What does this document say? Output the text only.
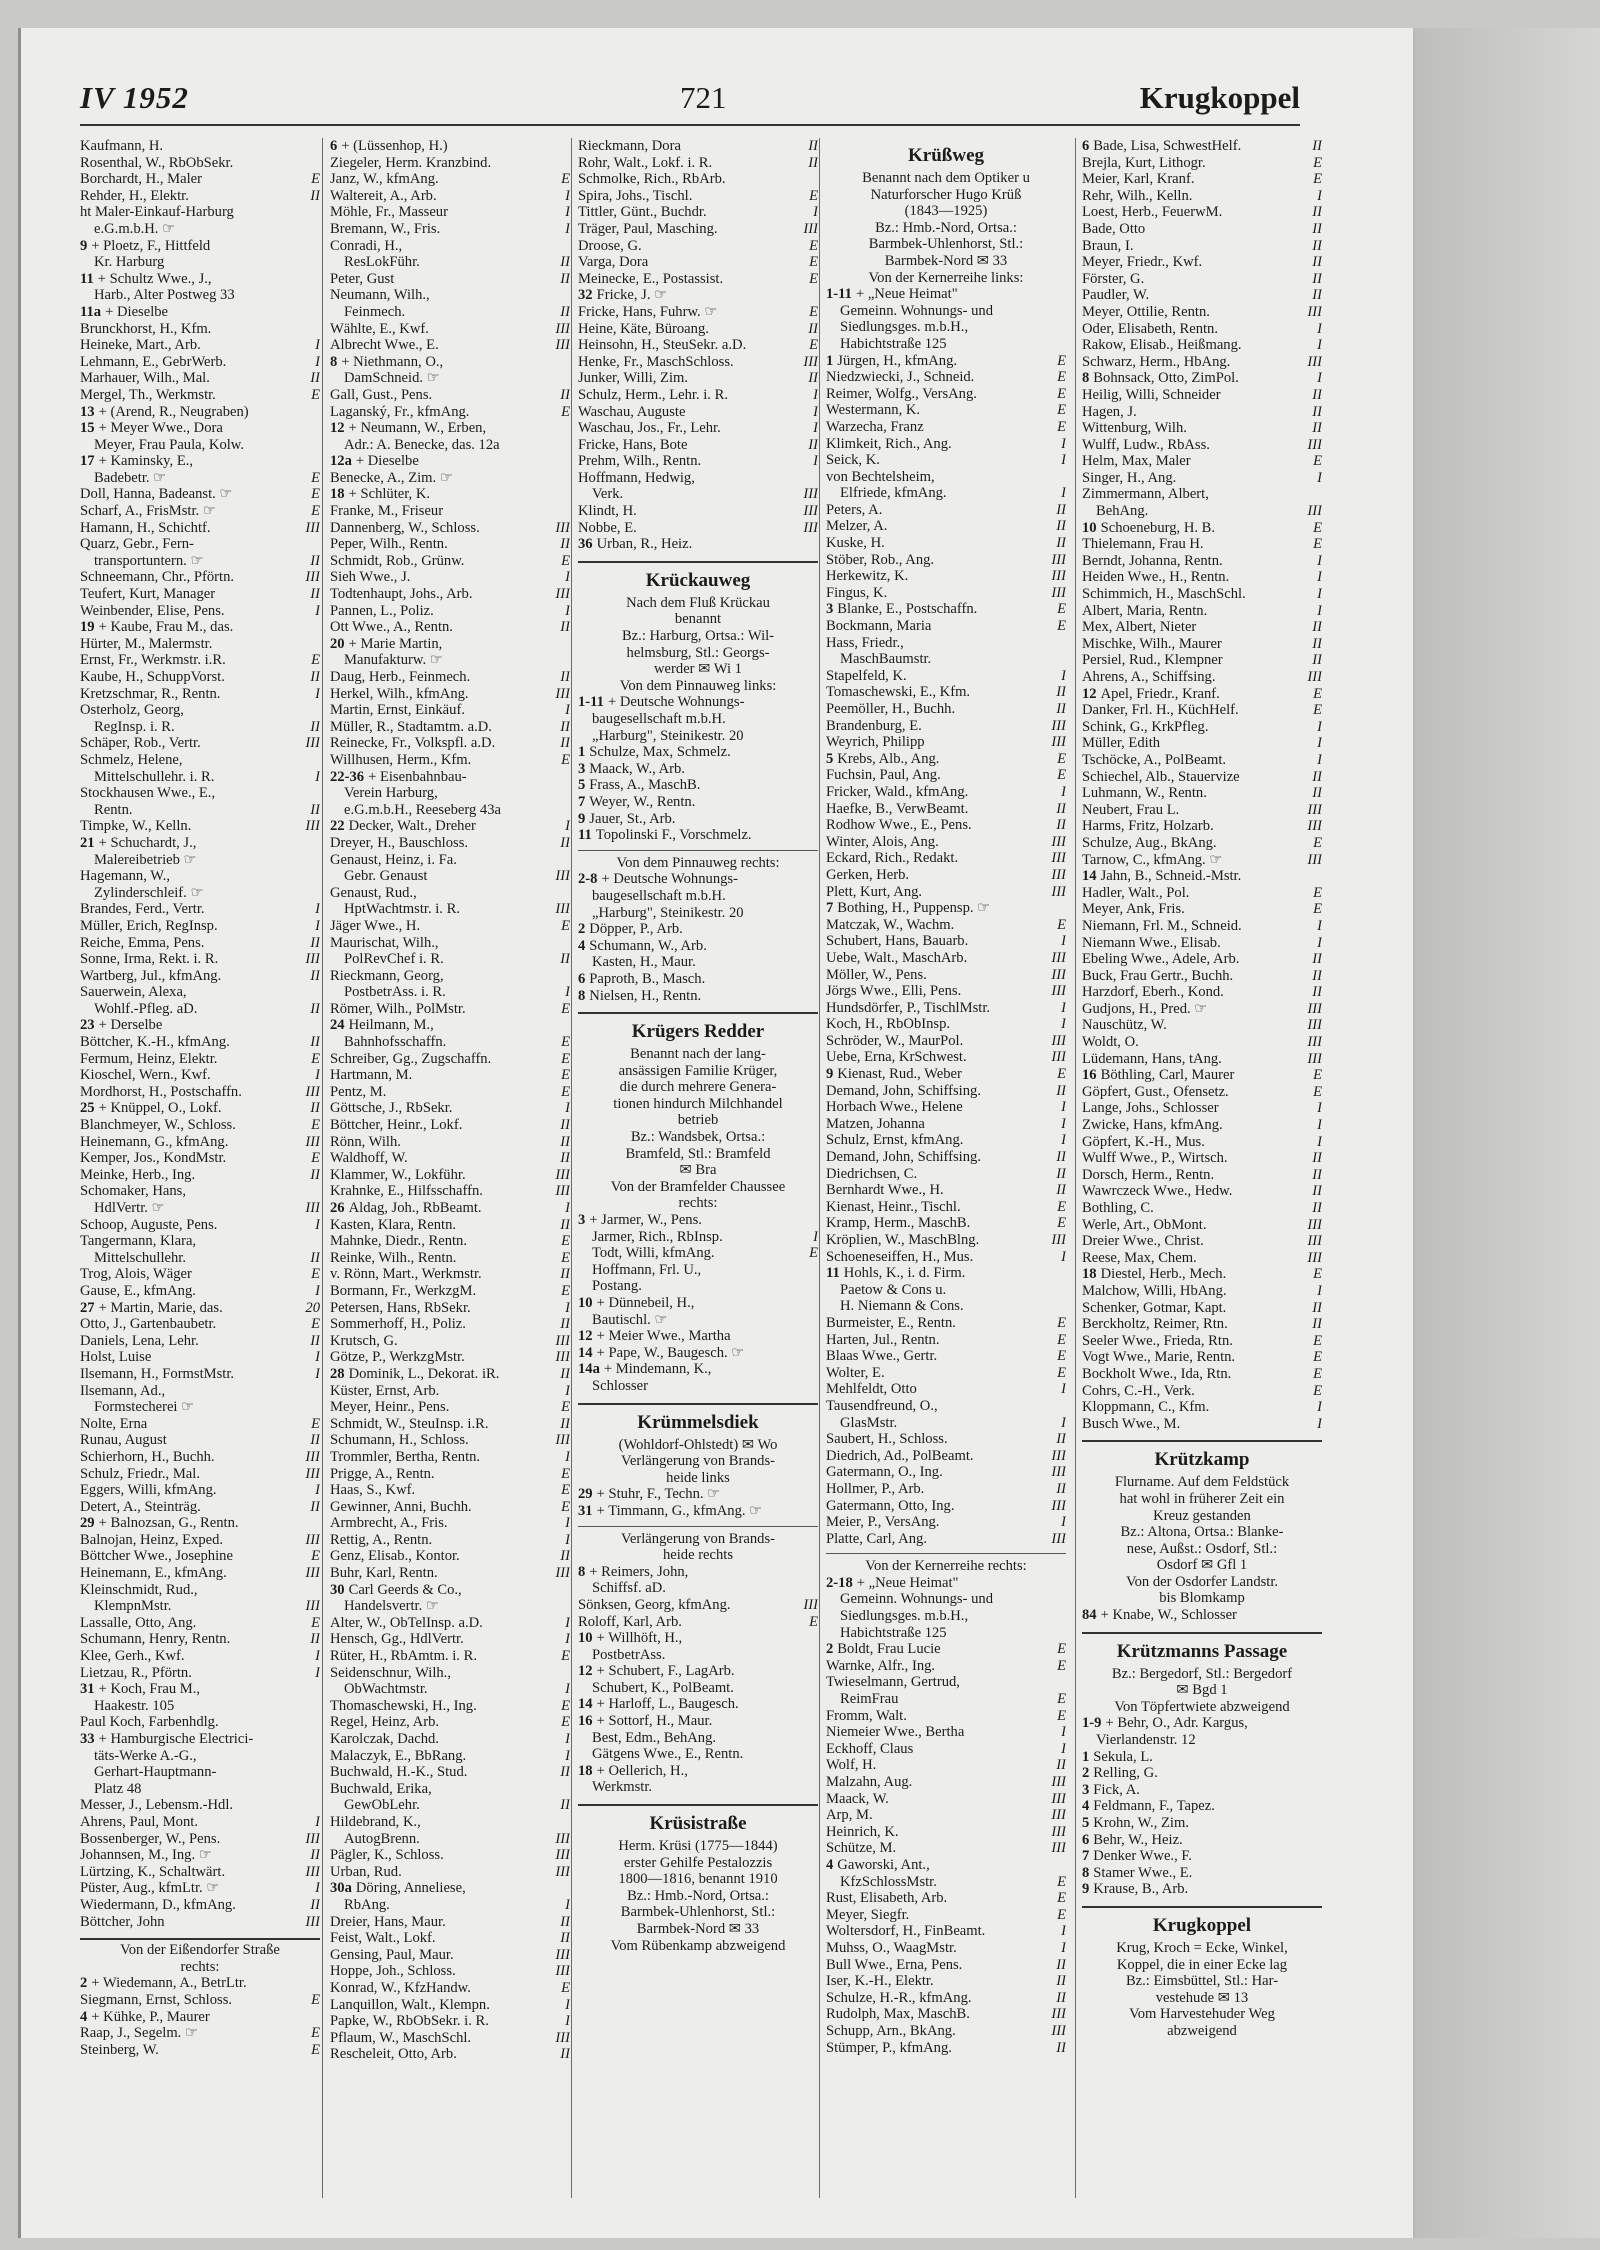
IV 1952	721	Krugkoppel
Kaufmann, H.
Rosenthal, W., RbObSekr.
Borchardt, H., Maler	E
Rehder, H., Elektr.	II
ht Maler-Einkauf-Harburg
e.G.m.b.H. ☞
9 + Ploetz, F., Hittfeld
Kr. Harburg
11 + Schultz Wwe., J.,
Harb., Alter Postweg 33
11a + Dieselbe
Brunckhorst, H., Kfm.
Heineke, Mart., Arb.	I
Lehmann, E., GebrWerb.	I
Marhauer, Wilh., Mal.	II
Mergel, Th., Werkmstr.	E
13 + (Arend, R., Neugraben)
15 + Meyer Wwe., Dora
Meyer, Frau Paula, Kolw.
17 + Kaminsky, E.,
Badebetr. ☞	E
Doll, Hanna, Badeanst. ☞	E
Scharf, A., FrisMstr. ☞	E
Hamann, H., Schichtf.	III
Quarz, Gebr., Fern-
transportuntern. ☞	II
Schneemann, Chr., Pförtn.	III
Teufert, Kurt, Manager	II
Weinbender, Elise, Pens.	I
19 + Kaube, Frau M., das.
Hürter, M., Malermstr.
Ernst, Fr., Werkmstr. i.R.	E
Kaube, H., SchuppVorst.	II
Kretzschmar, R., Rentn.	I
Osterholz, Georg,
RegInsp. i. R.	II
Schäper, Rob., Vertr.	III
Schmelz, Helene,
Mittelschullehr. i. R.	I
Stockhausen Wwe., E.,
Rentn.	II
Timpke, W., Kelln.	III
21 + Schuchardt, J.,
Malereibetrieb ☞
Hagemann, W.,
Zylinderschleif. ☞
Brandes, Ferd., Vertr.	I
Müller, Erich, RegInsp.	I
Reiche, Emma, Pens.	II
Sonne, Irma, Rekt. i. R.	III
Wartberg, Jul., kfmAng.	II
Sauerwein, Alexa,
Wohlf.-Pfleg. aD.	II
23 + Derselbe
Böttcher, K.-H., kfmAng.	II
Fermum, Heinz, Elektr.	E
Kioschel, Wern., Kwf.	I
Mordhorst, H., Postschaffn.	III
25 + Knüppel, O., Lokf.	II
Blanchmeyer, W., Schloss.	E
Heinemann, G., kfmAng.	III
Kemper, Jos., KondMstr.	E
Meinke, Herb., Ing.	II
Schomaker, Hans,
HdlVertr. ☞	III
Schoop, Auguste, Pens.	I
Tangermann, Klara,
Mittelschullehr.	II
Trog, Alois, Wäger	E
Gause, E., kfmAng.	I
27 + Martin, Marie, das.	20
Otto, J., Gartenbaubetr.	E
Daniels, Lena, Lehr.	II
Holst, Luise	I
Ilsemann, H., FormstMstr.	I
Ilsemann, Ad.,
Formstecherei ☞
Nolte, Erna	E
Runau, August	II
Schierhorn, H., Buchh.	III
Schulz, Friedr., Mal.	III
Eggers, Willi, kfmAng.	I
Detert, A., Steinträg.	II
29 + Balnozsan, G., Rentn.
Balnojan, Heinz, Exped.	III
Böttcher Wwe., Josephine	E
Heinemann, E., kfmAng.	III
Kleinschmidt, Rud.,
KlempnMstr.	III
Lassalle, Otto, Ang.	E
Schumann, Henry, Rentn.	II
Klee, Gerh., Kwf.	I
Lietzau, R., Pförtn.	I
31 + Koch, Frau M.,
Haakestr. 105
Paul Koch, Farbenhdlg.
33 + Hamburgische Electrici-
täts-Werke A.-G.,
Gerhart-Hauptmann-
Platz 48
Messer, J., Lebensm.-Hdl.
Ahrens, Paul, Mont.	I
Bossenberger, W., Pens.	III
Johannsen, M., Ing. ☞	II
Lürtzing, K., Schaltwärt.	III
Püster, Aug., kfmLtr. ☞	I
Wiedermann, D., kfmAng.	II
Böttcher, John	III
Von der Eißendorfer Straße
rechts:
2 + Wiedemann, A., BetrLtr.
Siegmann, Ernst, Schloss.	E
4 + Kühke, P., Maurer
Raap, J., Segelm. ☞	E
Steinberg, W.	E
6 + (Lüssenhop, H.)
Ziegeler, Herm. Kranzbind.
Janz, W., kfmAng.	E
Waltereit, A., Arb.	I
Möhle, Fr., Masseur	I
Bremann, W., Fris.	I
Conradi, H.,
ResLokFühr.	II
Peter, Gust	II
Neumann, Wilh.,
Feinmech.	II
Wählte, E., Kwf.	III
Albrecht Wwe., E.	III
8 + Niethmann, O.,
DamSchneid. ☞
Gall, Gust., Pens.	II
Laganský, Fr., kfmAng.	E
12 + Neumann, W., Erben,
Adr.: A. Benecke, das. 12a
12a + Dieselbe
Benecke, A., Zim. ☞
18 + Schlüter, K.
Franke, M., Friseur
Dannenberg, W., Schloss.	III
Peper, Wilh., Rentn.	II
Schmidt, Rob., Grünw.	E
Sieh Wwe., J.	I
Todtenhaupt, Johs., Arb.	III
Pannen, L., Poliz.	I
Ott Wwe., A., Rentn.	II
20 + Marie Martin,
Manufakturw. ☞
Daug, Herb., Feinmech.	II
Herkel, Wilh., kfmAng.	III
Martin, Ernst, Einkäuf.	I
Müller, R., Stadtamtm. a.D.	II
Reinecke, Fr., Volkspfl. a.D.	II
Willhusen, Herm., Kfm.	E
22-36 + Eisenbahnbau-
Verein Harburg,
e.G.m.b.H., Reeseberg 43a
22 Decker, Walt., Dreher	I
Dreyer, H., Bauschloss.	II
Genaust, Heinz, i. Fa.
Gebr. Genaust	III
Genaust, Rud.,
HptWachtmstr. i. R.	III
Jäger Wwe., H.	E
Maurischat, Wilh.,
PolRevChef i. R.	II
Rieckmann, Georg,
PostbetrAss. i. R.	I
Römer, Wilh., PolMstr.	E
24 Heilmann, M.,
Bahnhofsschaffn.	E
Schreiber, Gg., Zugschaffn.	E
Hartmann, M.	E
Pentz, M.	E
Göttsche, J., RbSekr.	I
Böttcher, Heinr., Lokf.	II
Rönn, Wilh.	II
Waldhoff, W.	II
Klammer, W., Lokführ.	III
Krahnke, E., Hilfsschaffn.	III
26 Aldag, Joh., RbBeamt.	I
Kasten, Klara, Rentn.	II
Mahnke, Diedr., Rentn.	E
Reinke, Wilh., Rentn.	E
v. Rönn, Mart., Werkmstr.	II
Bormann, Fr., WerkzgM.	E
Petersen, Hans, RbSekr.	I
Sommerhoff, H., Poliz.	II
Krutsch, G.	III
Götze, P., WerkzgMstr.	III
28 Dominik, L., Dekorat. iR.	II
Küster, Ernst, Arb.	I
Meyer, Heinr., Pens.	E
Schmidt, W., SteuInsp. i.R.	II
Schumann, H., Schloss.	III
Trommler, Bertha, Rentn.	I
Prigge, A., Rentn.	E
Haas, S., Kwf.	E
Gewinner, Anni, Buchh.	E
Armbrecht, A., Fris.	I
Rettig, A., Rentn.	I
Genz, Elisab., Kontor.	II
Buhr, Karl, Rentn.	III
30 Carl Geerds & Co.,
Handelsvertr. ☞
Alter, W., ObTelInsp. a.D.	I
Hensch, Gg., HdlVertr.	I
Rüter, H., RbAmtm. i. R.	E
Seidenschnur, Wilh.,
ObWachtmstr.	I
Thomaschewski, H., Ing.	E
Regel, Heinz, Arb.	E
Karolczak, Dachd.	I
Malaczyk, E., BbRang.	I
Buchwald, H.-K., Stud.	II
Buchwald, Erika,
GewObLehr.	II
Hildebrand, K.,
AutogBrenn.	III
Pägler, K., Schloss.	III
Urban, Rud.	III
30a Döring, Anneliese,
RbAng.	I
Dreier, Hans, Maur.	II
Feist, Walt., Lokf.	II
Gensing, Paul, Maur.	III
Hoppe, Joh., Schloss.	III
Konrad, W., KfzHandw.	E
Lanquillon, Walt., Klempn.	I
Papke, W., RbObSekr. i. R.	I
Pflaum, W., MaschSchl.	III
Rescheleit, Otto, Arb.	II
Rieckmann, Dora	II
Rohr, Walt., Lokf. i. R.	II
Schmolke, Rich., RbArb.
Spira, Johs., Tischl.	E
Tittler, Günt., Buchdr.	I
Träger, Paul, Masching.	III
Droose, G.	E
Varga, Dora	E
Meinecke, E., Postassist.	E
32 Fricke, J. ☞
Fricke, Hans, Fuhrw. ☞	E
Heine, Käte, Büroang.	II
Heinsohn, H., SteuSekr. a.D.	E
Henke, Fr., MaschSchloss.	III
Junker, Willi, Zim.	II
Schulz, Herm., Lehr. i. R.	I
Waschau, Auguste	I
Waschau, Jos., Fr., Lehr.	I
Fricke, Hans, Bote	II
Prehm, Wilh., Rentn.	I
Hoffmann, Hedwig,
Verk.	III
Klindt, H.	III
Nobbe, E.	III
36 Urban, R., Heiz.
Krückauweg
Nach dem Fluß Krückau
benannt
Bz.: Harburg, Ortsa.: Wil-
helmsburg, Stl.: Georgs-
werder ✉ Wi 1
Von dem Pinnauweg links:
1-11 + Deutsche Wohnungs-
baugesellschaft m.b.H.
„Harburg", Steinikestr. 20
1 Schulze, Max, Schmelz.
3 Maack, W., Arb.
5 Frass, A., MaschB.
7 Weyer, W., Rentn.
9 Jauer, St., Arb.
11 Topolinski F., Vorschmelz.
Von dem Pinnauweg rechts:
2-8 + Deutsche Wohnungs-
baugesellschaft m.b.H.
„Harburg", Steinikestr. 20
2 Döpper, P., Arb.
4 Schumann, W., Arb.
Kasten, H., Maur.
6 Paproth, B., Masch.
8 Nielsen, H., Rentn.
Krügers Redder
Benannt nach der lang-
ansässigen Familie Krüger,
die durch mehrere Genera-
tionen hindurch Milchhandel
betrieb
Bz.: Wandsbek, Ortsa.:
Bramfeld, Stl.: Bramfeld
✉ Bra
Von der Bramfelder Chaussee
rechts:
3 + Jarmer, W., Pens.
Jarmer, Rich., RbInsp.	I
Todt, Willi, kfmAng.	E
Hoffmann, Frl. U.,
Postang.
10 + Dünnebeil, H.,
Bautischl. ☞
12 + Meier Wwe., Martha
14 + Pape, W., Baugesch. ☞
14a + Mindemann, K.,
Schlosser
Krümmelsdiek
(Wohldorf-Ohlstedt) ✉ Wo
Verlängerung von Brands-
heide links
29 + Stuhr, F., Techn. ☞
31 + Timmann, G., kfmAng. ☞
Verlängerung von Brands-
heide rechts
8 + Reimers, John,
Schiffsf. aD.
Sönksen, Georg, kfmAng.	III
Roloff, Karl, Arb.	E
10 + Willhöft, H.,
PostbetrAss.
12 + Schubert, F., LagArb.
Schubert, K., PolBeamt.
14 + Harloff, L., Baugesch.
16 + Sottorf, H., Maur.
Best, Edm., BehAng.
Gätgens Wwe., E., Rentn.
18 + Oellerich, H.,
Werkmstr.
Krüsistraße
Herm. Krüsi (1775—1844)
erster Gehilfe Pestalozzis
1800—1816, benannt 1910
Bz.: Hmb.-Nord, Ortsa.:
Barmbek-Uhlenhorst, Stl.:
Barmbek-Nord ✉ 33
Vom Rübenkamp abzweigend
Krüßweg
Benannt nach dem Optiker u
Naturforscher Hugo Krüß
(1843—1925)
Bz.: Hmb.-Nord, Ortsa.:
Barmbek-Uhlenhorst, Stl.:
Barmbek-Nord ✉ 33
Von der Kernerreihe links:
1-11 + „Neue Heimat"
Gemeinn. Wohnungs- und
Siedlungsges. m.b.H.,
Habichtstraße 125
1 Jürgen, H., kfmAng.	E
Niedzwiecki, J., Schneid.	E
Reimer, Wolfg., VersAng.	E
Westermann, K.	E
Warzecha, Franz	E
Klimkeit, Rich., Ang.	I
Seick, K.	I
von Bechtelsheim,
Elfriede, kfmAng.	I
Peters, A.	II
Melzer, A.	II
Kuske, H.	II
Stöber, Rob., Ang.	III
Herkewitz, K.	III
Fingus, K.	III
3 Blanke, E., Postschaffn.	E
Bockmann, Maria	E
Hass, Friedr.,
MaschBaumstr.
Stapelfeld, K.	I
Tomaschewski, E., Kfm.	II
Peemöller, H., Buchh.	II
Brandenburg, E.	III
Weyrich, Philipp	III
5 Krebs, Alb., Ang.	E
Fuchsin, Paul, Ang.	E
Fricker, Wald., kfmAng.	I
Haefke, B., VerwBeamt.	II
Rodhow Wwe., E., Pens.	II
Winter, Alois, Ang.	III
Eckard, Rich., Redakt.	III
Gerken, Herb.	III
Plett, Kurt, Ang.	III
7 Bothing, H., Puppensp. ☞
Matczak, W., Wachm.	E
Schubert, Hans, Bauarb.	I
Uebe, Walt., MaschArb.	III
Möller, W., Pens.	III
Jörgs Wwe., Elli, Pens.	III
Hundsdörfer, P., TischlMstr.	I
Koch, H., RbObInsp.	I
Schröder, W., MaurPol.	III
Uebe, Erna, KrSchwest.	III
9 Kienast, Rud., Weber	E
Demand, John, Schiffsing.	II
Horbach Wwe., Helene	I
Matzen, Johanna	I
Schulz, Ernst, kfmAng.	I
Demand, John, Schiffsing.	II
Diedrichsen, C.	II
Bernhardt Wwe., H.	II
Kienast, Heinr., Tischl.	E
Kramp, Herm., MaschB.	E
Kröplien, W., MaschBlng.	III
Schoeneseiffen, H., Mus.	I
11 Hohls, K., i. d. Firm.
Paetow & Cons u.
H. Niemann & Cons.
Burmeister, E., Rentn.	E
Harten, Jul., Rentn.	E
Blaas Wwe., Gertr.	E
Wolter, E.	E
Mehlfeldt, Otto	I
Tausendfreund, O.,
GlasMstr.	I
Saubert, H., Schloss.	II
Diedrich, Ad., PolBeamt.	III
Gatermann, O., Ing.	III
Hollmer, P., Arb.	II
Gatermann, Otto, Ing.	III
Meier, P., VersAng.	I
Platte, Carl, Ang.	III
Von der Kernerreihe rechts:
2-18 + „Neue Heimat"
Gemeinn. Wohnungs- und
Siedlungsges. m.b.H.,
Habichtstraße 125
2 Boldt, Frau Lucie	E
Warnke, Alfr., Ing.	E
Twieselmann, Gertrud,
ReimFrau	E
Fromm, Walt.	E
Niemeier Wwe., Bertha	I
Eckhoff, Claus	I
Wolf, H.	II
Malzahn, Aug.	III
Maack, W.	III
Arp, M.	III
Heinrich, K.	III
Schütze, M.	III
4 Gaworski, Ant.,
KfzSchlossMstr.	E
Rust, Elisabeth, Arb.	E
Meyer, Siegfr.	E
Woltersdorf, H., FinBeamt.	I
Muhss, O., WaagMstr.	I
Bull Wwe., Erna, Pens.	II
Iser, K.-H., Elektr.	II
Schulze, H.-R., kfmAng.	II
Rudolph, Max, MaschB.	III
Schupp, Arn., BkAng.	III
Stümper, P., kfmAng.	II
6 Bade, Lisa, SchwestHelf.	II
Brejla, Kurt, Lithogr.	E
Meier, Karl, Kranf.	E
Rehr, Wilh., Kelln.	I
Loest, Herb., FeuerwM.	II
Bade, Otto	II
Braun, I.	II
Meyer, Friedr., Kwf.	II
Förster, G.	II
Paudler, W.	II
Meyer, Ottilie, Rentn.	III
Oder, Elisabeth, Rentn.	I
Rakow, Elisab., Heißmang.	I
Schwarz, Herm., HbAng.	III
8 Bohnsack, Otto, ZimPol.	I
Heilig, Willi, Schneider	II
Hagen, J.	II
Wittenburg, Wilh.	II
Wulff, Ludw., RbAss.	III
Helm, Max, Maler	E
Singer, H., Ang.	I
Zimmermann, Albert,
BehAng.	III
10 Schoeneburg, H. B.	E
Thielemann, Frau H.	E
Berndt, Johanna, Rentn.	I
Heiden Wwe., H., Rentn.	I
Schimmich, H., MaschSchl.	I
Albert, Maria, Rentn.	I
Mex, Albert, Nieter	II
Mischke, Wilh., Maurer	II
Persiel, Rud., Klempner	II
Ahrens, A., Schiffsing.	III
12 Apel, Friedr., Kranf.	E
Danker, Frl. H., KüchHelf.	E
Schink, G., KrkPfleg.	I
Müller, Edith	I
Tschöcke, A., PolBeamt.	I
Schiechel, Alb., Stauervize	II
Luhmann, W., Rentn.	II
Neubert, Frau L.	III
Harms, Fritz, Holzarb.	III
Schulze, Aug., BkAng.	E
Tarnow, C., kfmAng. ☞	III
14 Jahn, B., Schneid.-Mstr.
Hadler, Walt., Pol.	E
Meyer, Ank, Fris.	E
Niemann, Frl. M., Schneid.	I
Niemann Wwe., Elisab.	I
Ebeling Wwe., Adele, Arb.	II
Buck, Frau Gertr., Buchh.	II
Harzdorf, Eberh., Kond.	II
Gudjons, H., Pred. ☞	III
Nauschütz, W.	III
Woldt, O.	III
Lüdemann, Hans, tAng.	III
16 Böthling, Carl, Maurer	E
Göpfert, Gust., Ofensetz.	E
Lange, Johs., Schlosser	I
Zwicke, Hans, kfmAng.	I
Göpfert, K.-H., Mus.	I
Wulff Wwe., P., Wirtsch.	II
Dorsch, Herm., Rentn.	II
Wawrczeck Wwe., Hedw.	II
Bothling, C.	II
Werle, Art., ObMont.	III
Dreier Wwe., Christ.	III
Reese, Max, Chem.	III
18 Diestel, Herb., Mech.	E
Malchow, Willi, HbAng.	I
Schenker, Gotmar, Kapt.	II
Berckholtz, Reimer, Rtn.	II
Seeler Wwe., Frieda, Rtn.	E
Vogt Wwe., Marie, Rentn.	E
Bockholt Wwe., Ida, Rtn.	E
Cohrs, C.-H., Verk.	E
Kloppmann, C., Kfm.	I
Busch Wwe., M.	I
Krützkamp
Flurname. Auf dem Feldstück
hat wohl in früherer Zeit ein
Kreuz gestanden
Bz.: Altona, Ortsa.: Blanke-
nese, Außst.: Osdorf, Stl.:
Osdorf ✉ Gfl 1
Von der Osdorfer Landstr.
bis Blomkamp
84 + Knabe, W., Schlosser
Krützmanns Passage
Bz.: Bergedorf, Stl.: Bergedorf
✉ Bgd 1
Von Töpfertwiete abzweigend
1-9 + Behr, O., Adr. Kargus,
Vierlandenstr. 12
1 Sekula, L.
2 Relling, G.
3 Fick, A.
4 Feldmann, F., Tapez.
5 Krohn, W., Zim.
6 Behr, W., Heiz.
7 Denker Wwe., F.
8 Stamer Wwe., E.
9 Krause, B., Arb.
Krugkoppel
Krug, Kroch = Ecke, Winkel,
Koppel, die in einer Ecke lag
Bz.: Eimsbüttel, Stl.: Har-
vestehude ✉ 13
Vom Harvestehuder Weg
abzweigend
